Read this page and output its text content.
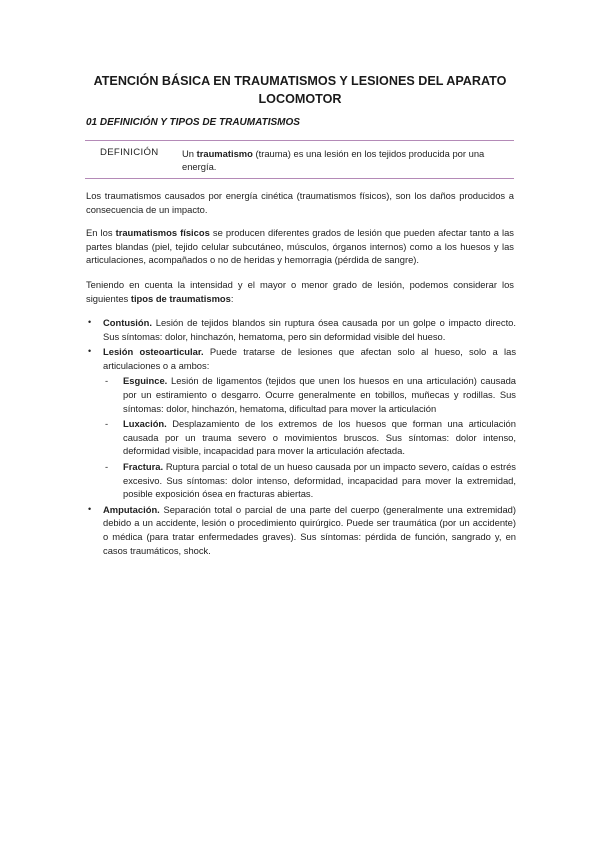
ATENCIÓN BÁSICA EN TRAUMATISMOS Y LESIONES DEL APARATO LOCOMOTOR
01 DEFINICIÓN Y TIPOS DE TRAUMATISMOS
DEFINICIÓN	Un traumatismo (trauma) es una lesión en los tejidos producida por una energía.
Los traumatismos causados por energía cinética (traumatismos físicos), son los daños producidos a consecuencia de un impacto.
En los traumatismos físicos se producen diferentes grados de lesión que pueden afectar tanto a las partes blandas (piel, tejido celular subcutáneo, músculos, órganos internos) como a los huesos y las articulaciones, acompañados o no de heridas y hemorragia (pérdida de sangre).
Teniendo en cuenta la intensidad y el mayor o menor grado de lesión, podemos considerar los siguientes tipos de traumatismos:
• Contusión. Lesión de tejidos blandos sin ruptura ósea causada por un golpe o impacto directo. Sus síntomas: dolor, hinchazón, hematoma, pero sin deformidad visible del hueso.
• Lesión osteoarticular. Puede tratarse de lesiones que afectan solo al hueso, solo a las articulaciones o a ambos:
- Esguince. Lesión de ligamentos (tejidos que unen los huesos en una articulación) causada por un estiramiento o desgarro. Ocurre generalmente en tobillos, muñecas y rodillas. Sus síntomas: dolor, hinchazón, hematoma, dificultad para mover la articulación
- Luxación. Desplazamiento de los extremos de los huesos que forman una articulación causada por un trauma severo o movimientos bruscos. Sus síntomas: dolor intenso, deformidad visible, incapacidad para mover la articulación afectada.
- Fractura. Ruptura parcial o total de un hueso causada por un impacto severo, caídas o estrés excesivo. Sus síntomas: dolor intenso, deformidad, incapacidad para mover la extremidad, posible exposición ósea en fracturas abiertas.
• Amputación. Separación total o parcial de una parte del cuerpo (generalmente una extremidad) debido a un accidente, lesión o procedimiento quirúrgico. Puede ser traumática (por un accidente) o médica (para tratar enfermedades graves). Sus síntomas: pérdida de función, sangrado y, en casos traumáticos, shock.
